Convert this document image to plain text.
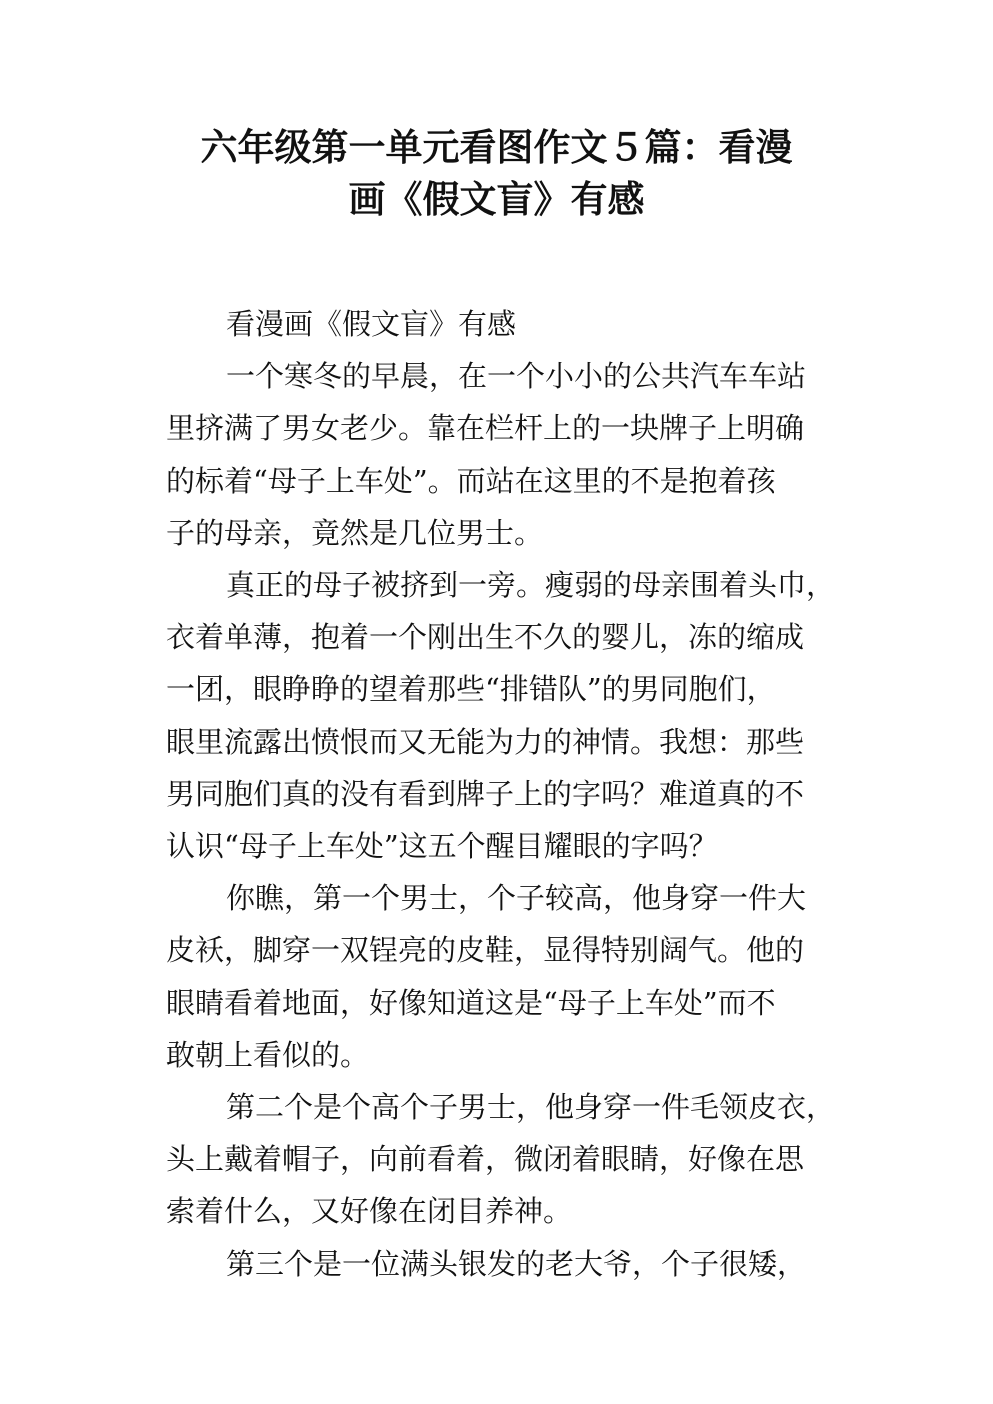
六年级第一单元看图作文５篇：看漫
画《假文盲》有感

看漫画《假文盲》有感

一个寒冬的早晨，在一个小小的公共汽车车站
里挤满了男女老少。靠在栏杆上的一块牌子上明确
的标着“母子上车处”。而站在这里的不是抱着孩
子的母亲，竟然是几位男士。

真正的母子被挤到一旁。瘦弱的母亲围着头巾，
衣着单薄，抱着一个刚出生不久的婴儿，冻的缩成
一团，眼睁睁的望着那些“排错队”的男同胞们，
眼里流露出愤恨而又无能为力的神情。我想：那些
男同胞们真的没有看到牌子上的字吗？难道真的不
认识“母子上车处”这五个醒目耀眼的字吗？

你瞧，第一个男士，个子较高，他身穿一件大
皮袄，脚穿一双锃亮的皮鞋，显得特别阔气。他的
眼睛看着地面，好像知道这是“母子上车处”而不
敢朝上看似的。

第二个是个高个子男士，他身穿一件毛领皮衣，
头上戴着帽子，向前看着，微闭着眼睛，好像在思
索着什么，又好像在闭目养神。

第三个是一位满头银发的老大爷，个子很矮，
